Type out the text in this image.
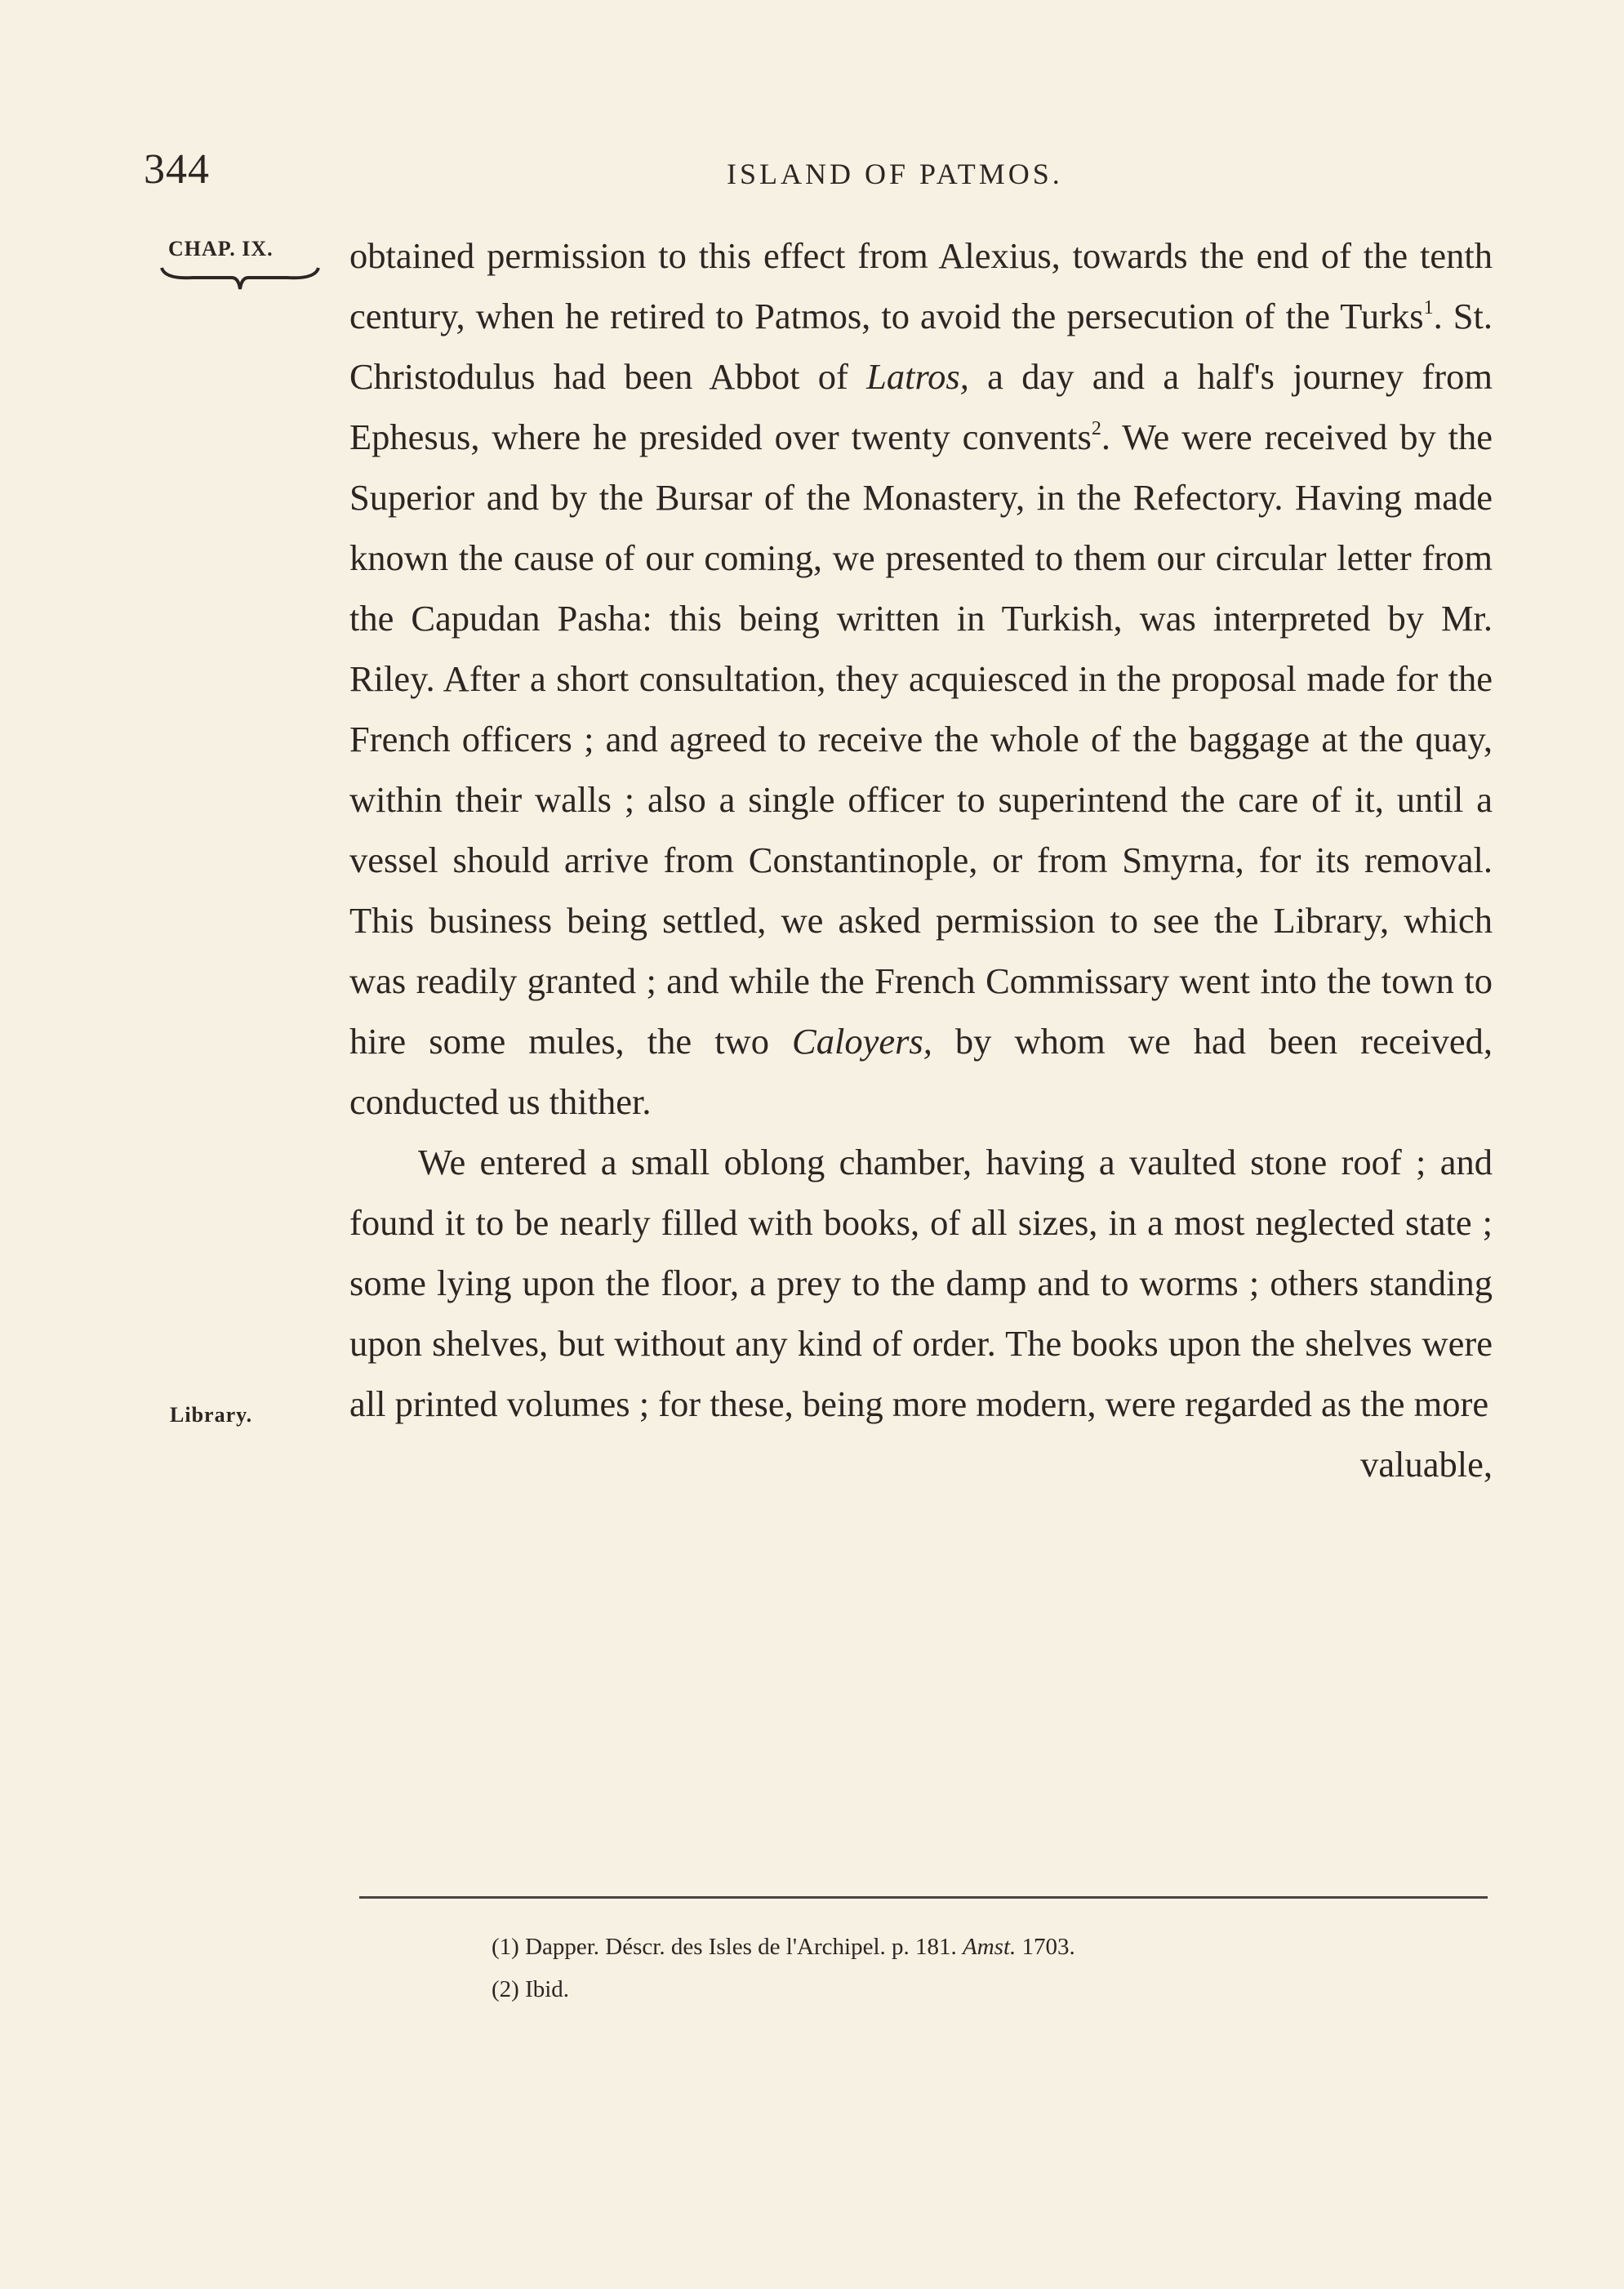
344	ISLAND OF PATMOS.
CHAP. IX.
Library.

obtained permission to this effect from Alexius, towards the end of the tenth century, when he retired to Patmos, to avoid the persecution of the Turks$^1$. St. Christodulus had been Abbot of Latros, a day and a half's journey from Ephesus, where he presided over twenty convents$^2$. We were received by the Superior and by the Bursar of the Monastery, in the Refectory. Having made known the cause of our coming, we presented to them our circular letter from the Capudan Pasha: this being written in Turkish, was interpreted by Mr. Riley. After a short consultation, they acquiesced in the proposal made for the French officers ; and agreed to receive the whole of the baggage at the quay, within their walls ; also a single officer to superintend the care of it, until a vessel should arrive from Constantinople, or from Smyrna, for its removal. This business being settled, we asked permission to see the Library, which was readily granted ; and while the French Commissary went into the town to hire some mules, the two Caloyers, by whom we had been received, conducted us thither.

We entered a small oblong chamber, having a vaulted stone roof ; and found it to be nearly filled with books, of all sizes, in a most neglected state ; some lying upon the floor, a prey to the damp and to worms ; others standing upon shelves, but without any kind of order. The books upon the shelves were all printed volumes ; for these, being more modern, were regarded as the more

valuable,

(1) Dapper. Déscr. des Isles de l'Archipel. p. 181. Amst. 1703.
(2) Ibid.
